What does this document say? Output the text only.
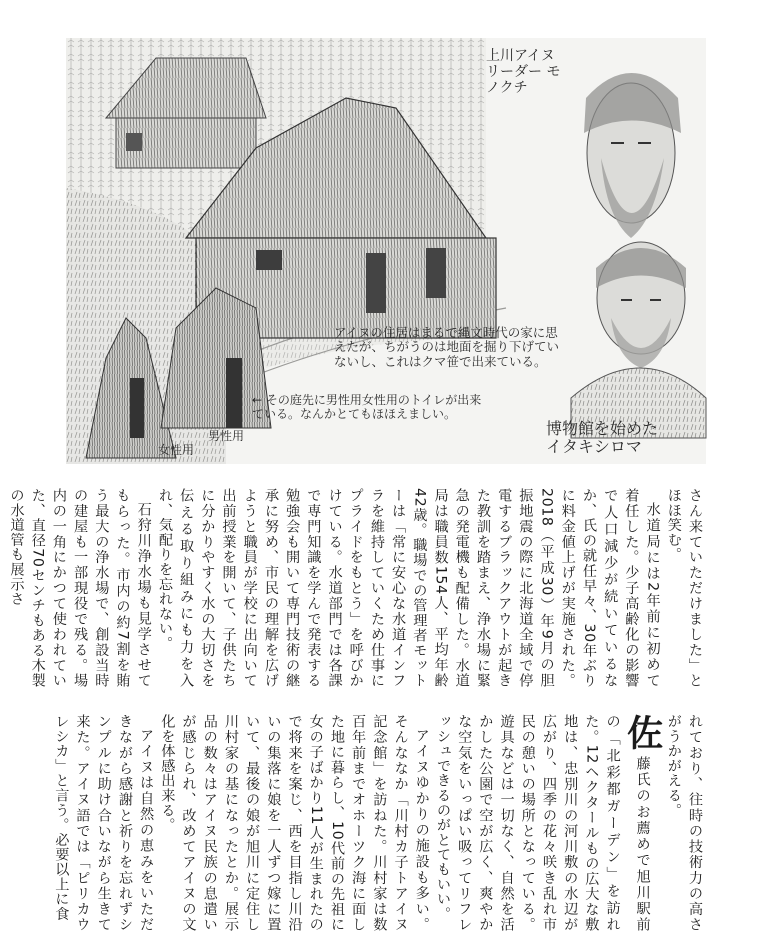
上川アイヌ リーダー モノクチ
博物館を始めた イタキシロマ
アイヌの住居はまるで縄文時代の家に思えたが、ちがうのは地面を掘り下げていないし、これはクマ笹で出来ている。
← その庭先に男性用女性用のトイレが出来ている。なんかとてもほほえましい。
男性用
女性用
さん来ていただけました」とほほ笑む。
水道局には2年前に初めて着任した。少子高齢化の影響で人口減少が続いているなか、氏の就任早々、30年ぶりに料金値上げが実施された。2018（平成30）年9月の胆振地震の際に北海道全域で停電するブラックアウトが起きた教訓を踏まえ、浄水場に緊急の発電機も配備した。水道局は職員数154人、平均年齢42歳。職場での管理者モットーは「常に安心な水道インフラを維持していくため仕事にプライドをもとう」を呼びかけている。水道部門では各課で専門知識を学んで発表する勉強会も開いて専門技術の継承に努め、市民の理解を広げようと職員が学校に出向いて出前授業を開いて、子供たちに分かりやすく水の大切さを伝える取り組みにも力を入れ、気配りを忘れない。
石狩川浄水場も見学させてもらった。市内の約7割を賄う最大の浄水場で、創設当時の建屋も一部現役で残る。場内の一角にかつて使われていた、直径70センチもある木製の水道管も展示さ
れており、往時の技術力の高さがうかがえる。
佐藤氏のお薦めで旭川駅前の「北彩都ガーデン」を訪れた。12ヘクタールもの広大な敷地は、忠別川の河川敷の水辺が広がり、四季の花々咲き乱れ市民の憩いの場所となっている。遊具などは一切なく、自然を活かした公園で空が広く、爽やかな空気をいっぱい吸ってリフレッシュできるのがとてもいい。
アイヌゆかりの施設も多い。そんななか「川村カ子トアイヌ記念館」を訪ねた。川村家は数百年前までオホーツク海に面した地に暮らし、10代前の先祖に女の子ばかり11人が生まれたので将来を案じ、西を目指し川沿いの集落に娘を一人ずつ嫁に置いて、最後の娘が旭川に定住し川村家の基になったとか。展示品の数々はアイヌ民族の息遣いが感じられ、改めてアイヌの文化を体感出来る。
アイヌは自然の恵みをいただきながら感謝と祈りを忘れずシンプルに助け合いながら生きて来た。アイヌ語では「ピリカウレシカ」と言う。必要以上に食
